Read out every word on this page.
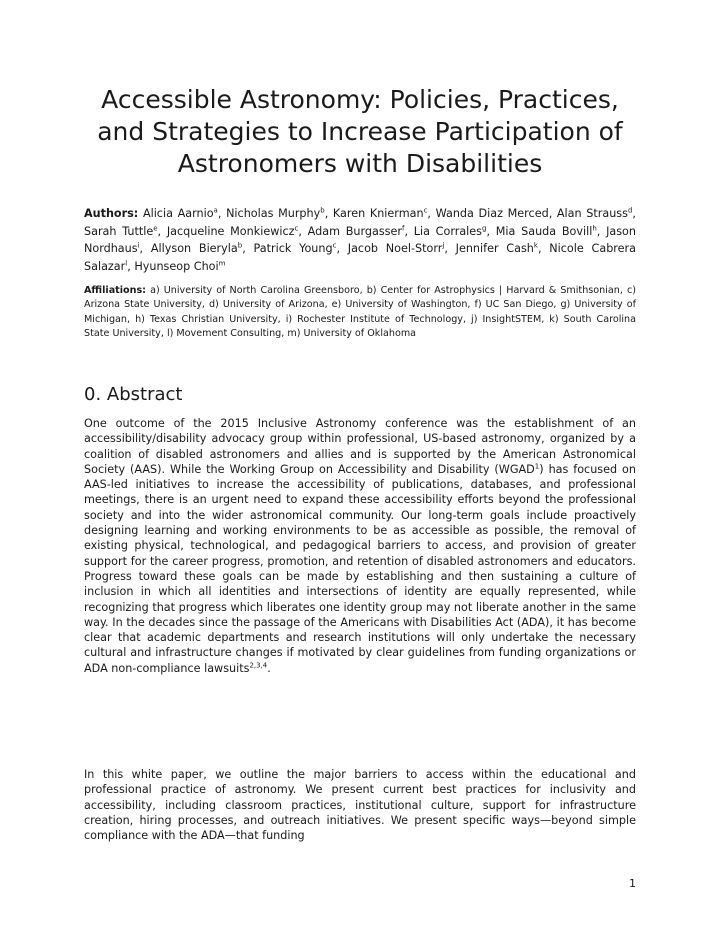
Accessible Astronomy: Policies, Practices, and Strategies to Increase Participation of Astronomers with Disabilities

Authors: Alicia Aarnio$^a$, Nicholas Murphy$^b$, Karen Knierman$^c$, Wanda Diaz Merced, Alan Strauss$^d$, Sarah Tuttle$^e$, Jacqueline Monkiewicz$^c$, Adam Burgasser$^f$, Lia Corrales$^g$, Mia Sauda Bovill$^h$, Jason Nordhaus$^i$, Allyson Bieryla$^b$, Patrick Young$^c$, Jacob Noel-Storr$^j$, Jennifer Cash$^k$, Nicole Cabrera Salazar$^l$, Hyunseop Choi$^m$

Affiliations: a) University of North Carolina Greensboro, b) Center for Astrophysics | Harvard & Smithsonian, c) Arizona State University, d) University of Arizona, e) University of Washington, f) UC San Diego, g) University of Michigan, h) Texas Christian University, i) Rochester Institute of Technology, j) InsightSTEM, k) South Carolina State University, l) Movement Consulting, m) University of Oklahoma

0. Abstract

One outcome of the 2015 Inclusive Astronomy conference was the establishment of an accessibility/disability advocacy group within professional, US-based astronomy, organized by a coalition of disabled astronomers and allies and is supported by the American Astronomical Society (AAS). While the Working Group on Accessibility and Disability (WGAD$^1$) has focused on AAS-led initiatives to increase the accessibility of publications, databases, and professional meetings, there is an urgent need to expand these accessibility efforts beyond the professional society and into the wider astronomical community. Our long-term goals include proactively designing learning and working environments to be as accessible as possible, the removal of existing physical, technological, and pedagogical barriers to access, and provision of greater support for the career progress, promotion, and retention of disabled astronomers and educators. Progress toward these goals can be made by establishing and then sustaining a culture of inclusion in which all identities and intersections of identity are equally represented, while recognizing that progress which liberates one identity group may not liberate another in the same way. In the decades since the passage of the Americans with Disabilities Act (ADA), it has become clear that academic departments and research institutions will only undertake the necessary cultural and infrastructure changes if motivated by clear guidelines from funding organizations or ADA non-compliance lawsuits$^{2,3,4}$.

In this white paper, we outline the major barriers to access within the educational and professional practice of astronomy. We present current best practices for inclusivity and accessibility, including classroom practices, institutional culture, support for infrastructure creation, hiring processes, and outreach initiatives. We present specific ways—beyond simple compliance with the ADA—that funding

1
